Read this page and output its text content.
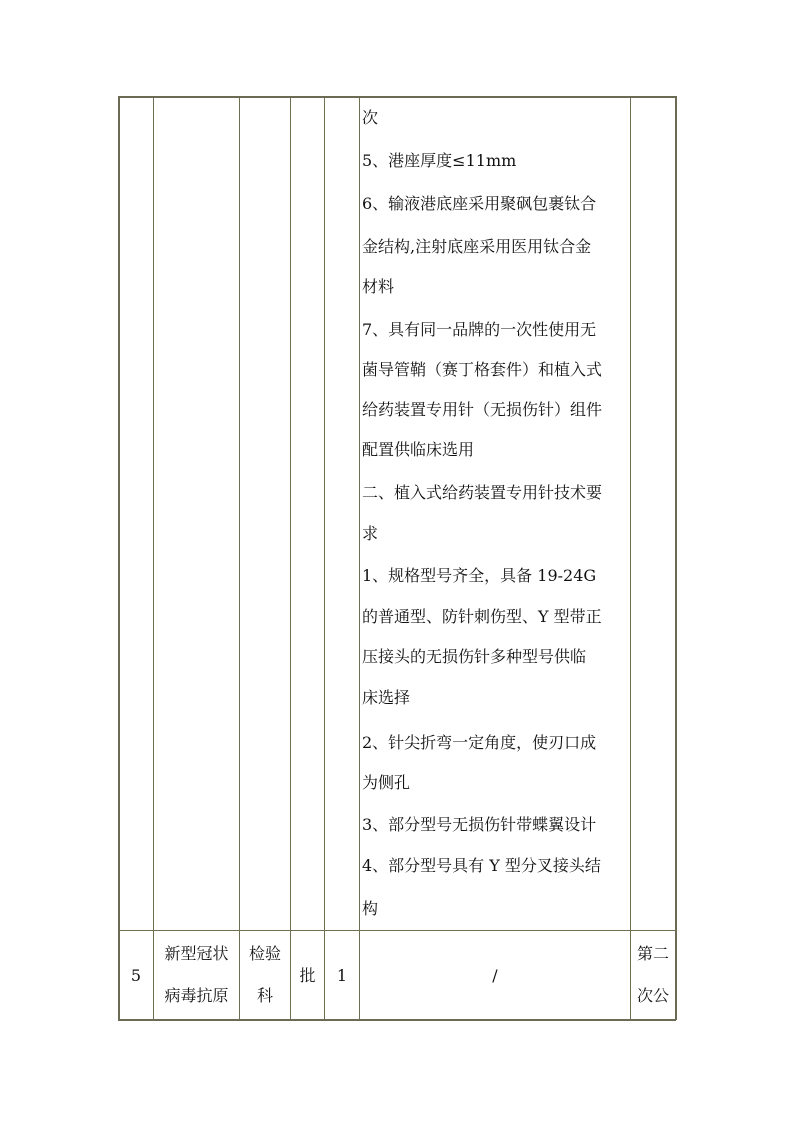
次
5、港座厚度≤11mm
6、输液港底座采用聚砜包裹钛合
金结构,注射底座采用医用钛合金
材料
7、具有同一品牌的一次性使用无
菌导管鞘（赛丁格套件）和植入式
给药装置专用针（无损伤针）组件
配置供临床选用
二、植入式给药装置专用针技术要
求
1、规格型号齐全，具备 19-24G
的普通型、防针刺伤型、Y 型带正
压接头的无损伤针多种型号供临
床选择
2、针尖折弯一定角度，使刃口成
为侧孔
3、部分型号无损伤针带蝶翼设计
4、部分型号具有 Y 型分叉接头结
构
5
新型冠状
病毒抗原
检验
科
批	1	/
第二
次公
